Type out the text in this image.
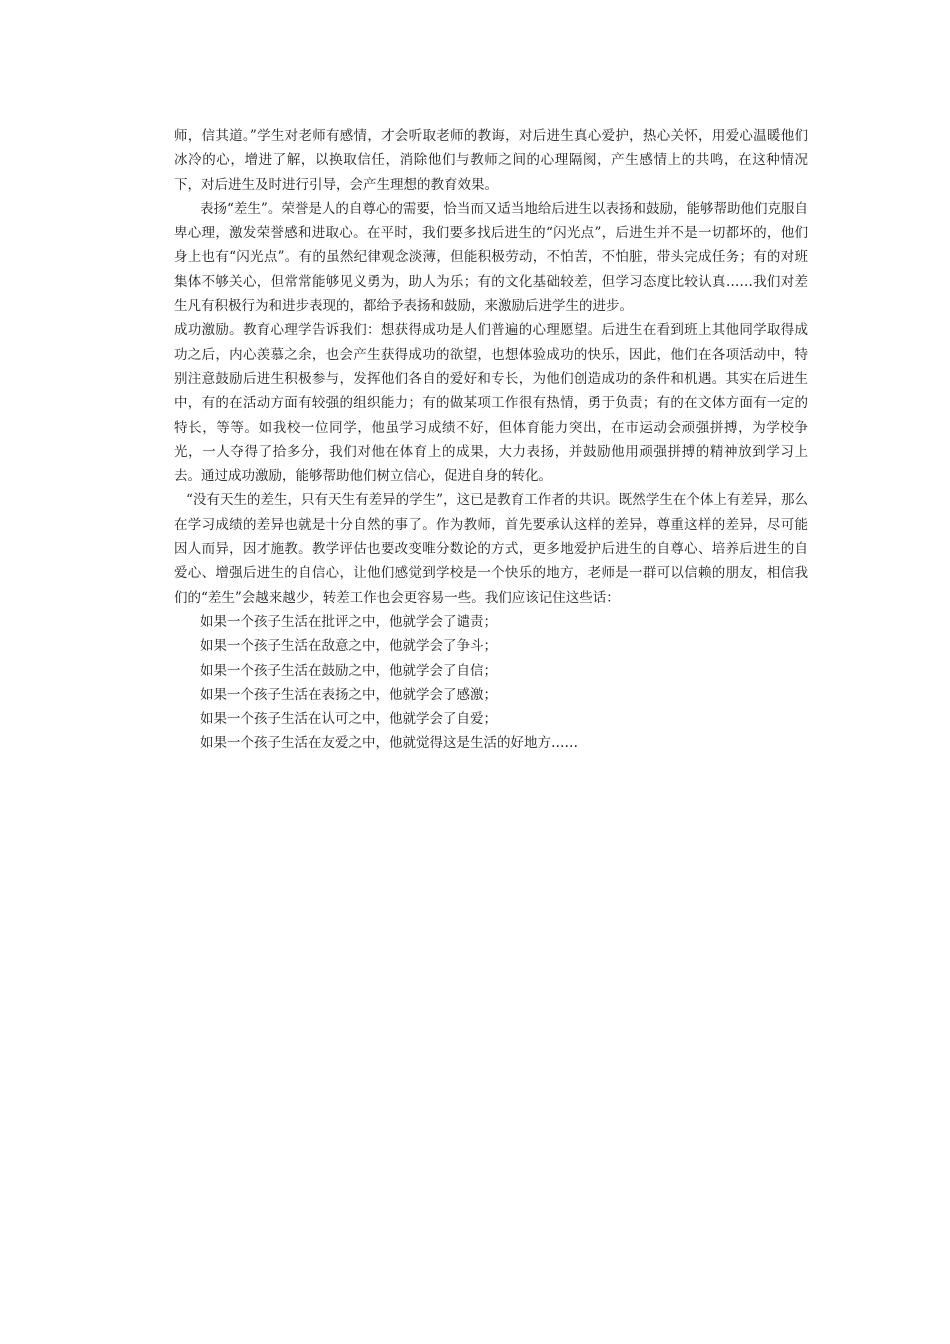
师，信其道。”学生对老师有感情，才会听取老师的教诲，对后进生真心爱护，热心关怀，用爱心温暖他们冰冷的心，增进了解，以换取信任，消除他们与教师之间的心理隔阂，产生感情上的共鸣，在这种情况下，对后进生及时进行引导，会产生理想的教育效果。

表扬“差生”。荣誉是人的自尊心的需要，恰当而又适当地给后进生以表扬和鼓励，能够帮助他们克服自卑心理，激发荣誉感和进取心。在平时，我们要多找后进生的“闪光点”，后进生并不是一切都坏的，他们身上也有“闪光点”。有的虽然纪律观念淡薄，但能积极劳动，不怕苦，不怕脏，带头完成任务；有的对班集体不够关心，但常常能够见义勇为，助人为乐；有的文化基础较差，但学习态度比较认真……我们对差生凡有积极行为和进步表现的，都给予表扬和鼓励，来激励后进学生的进步。

成功激励。教育心理学告诉我们：想获得成功是人们普遍的心理愿望。后进生在看到班上其他同学取得成功之后，内心羡慕之余，也会产生获得成功的欲望，也想体验成功的快乐，因此，他们在各项活动中，特别注意鼓励后进生积极参与，发挥他们各自的爱好和专长，为他们创造成功的条件和机遇。其实在后进生中，有的在活动方面有较强的组织能力；有的做某项工作很有热情，勇于负责；有的在文体方面有一定的特长，等等。如我校一位同学，他虽学习成绩不好，但体育能力突出，在市运动会顽强拼搏，为学校争光，一人夺得了拾多分，我们对他在体育上的成果，大力表扬，并鼓励他用顽强拼搏的精神放到学习上去。通过成功激励，能够帮助他们树立信心，促进自身的转化。

“没有天生的差生，只有天生有差异的学生”，这已是教育工作者的共识。既然学生在个体上有差异，那么在学习成绩的差异也就是十分自然的事了。作为教师，首先要承认这样的差异，尊重这样的差异，尽可能因人而异，因才施教。教学评估也要改变唯分数论的方式，更多地爱护后进生的自尊心、培养后进生的自爱心、增强后进生的自信心，让他们感觉到学校是一个快乐的地方，老师是一群可以信赖的朋友，相信我们的“差生”会越来越少，转差工作也会更容易一些。我们应该记住这些话：

如果一个孩子生活在批评之中，他就学会了谴责；
如果一个孩子生活在敌意之中，他就学会了争斗；
如果一个孩子生活在鼓励之中，他就学会了自信；
如果一个孩子生活在表扬之中，他就学会了感激；
如果一个孩子生活在认可之中，他就学会了自爱；
如果一个孩子生活在友爱之中，他就觉得这是生活的好地方……
